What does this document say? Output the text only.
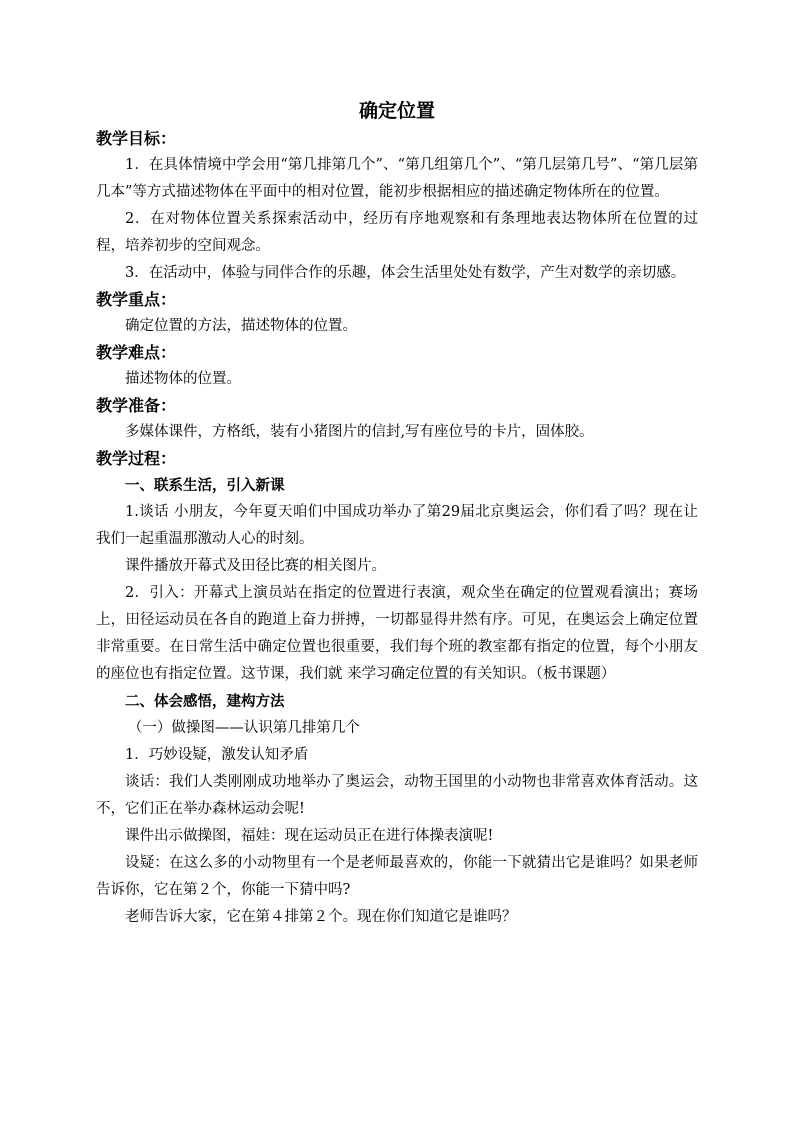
确定位置
教学目标：

1．在具体情境中学会用“第几排第几个”、“第几组第几个”、“第几层第几号”、“第几层第几本”等方式描述物体在平面中的相对位置，能初步根据相应的描述确定物体所在的位置。

2．在对物体位置关系探索活动中，经历有序地观察和有条理地表达物体所在位置的过程，培养初步的空间观念。

3．在活动中，体验与同伴合作的乐趣，体会生活里处处有数学，产生对数学的亲切感。

教学重点：

确定位置的方法，描述物体的位置。

教学难点：

描述物体的位置。

教学准备：

多媒体课件，方格纸，装有小猪图片的信封,写有座位号的卡片，固体胶。

教学过程：

一、联系生活，引入新课

1.谈话 小朋友，今年夏天咱们中国成功举办了第29届北京奥运会，你们看了吗？现在让我们一起重温那激动人心的时刻。

课件播放开幕式及田径比赛的相关图片。

2．引入：开幕式上演员站在指定的位置进行表演，观众坐在确定的位置观看演出；赛场上，田径运动员在各自的跑道上奋力拼搏，一切都显得井然有序。可见，在奥运会上确定位置非常重要。在日常生活中确定位置也很重要，我们每个班的教室都有指定的位置，每个小朋友的座位也有指定位置。这节课，我们就 来学习确定位置的有关知识。（板书课题）

二、体会感悟，建构方法

（一）做操图——认识第几排第几个

1．巧妙设疑，激发认知矛盾

谈话：我们人类刚刚成功地举办了奥运会，动物王国里的小动物也非常喜欢体育活动。这不，它们正在举办森林运动会呢!

课件出示做操图，福娃：现在运动员正在进行体操表演呢!

设疑：在这么多的小动物里有一个是老师最喜欢的，你能一下就猜出它是谁吗？如果老师告诉你，它在第２个，你能一下猜中吗?

老师告诉大家，它在第４排第２个。现在你们知道它是谁吗？
